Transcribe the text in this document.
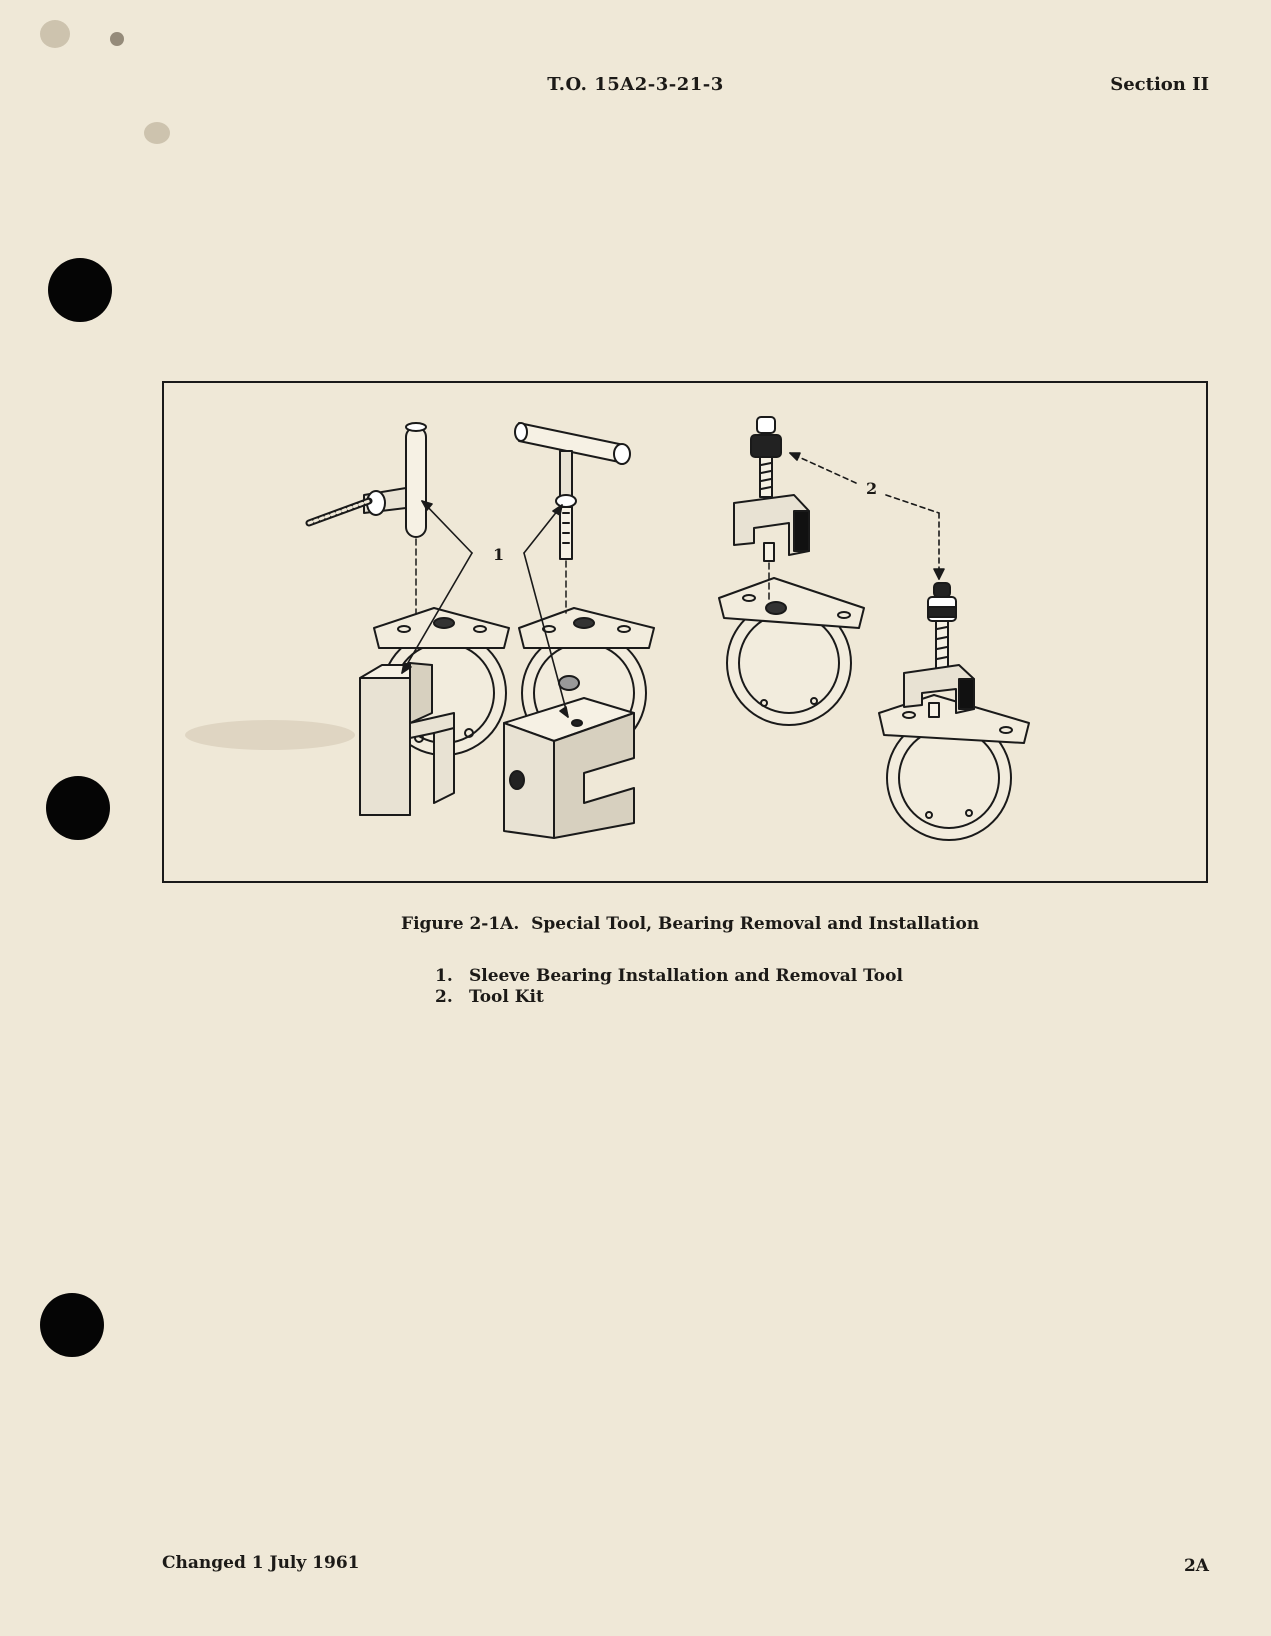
T.O. 15A2-3-21-3	Section II
1
2
Figure 2-1A.  Special Tool, Bearing Removal and Installation
1. Sleeve Bearing Installation and Removal Tool
2. Tool Kit
Changed 1 July 1961	2A
